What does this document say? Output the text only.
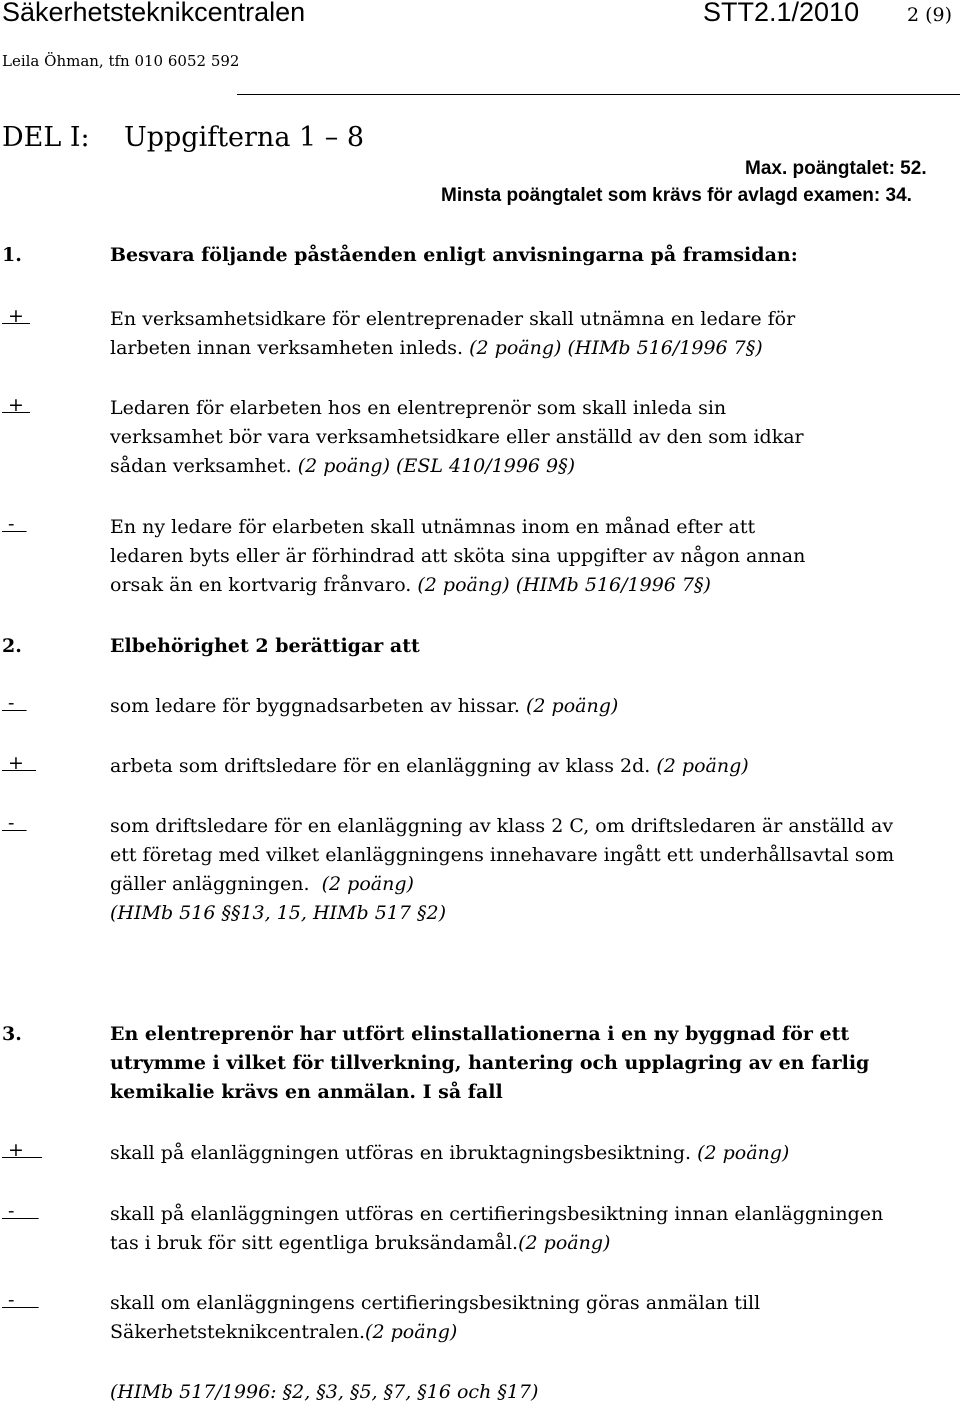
Säkerhetsteknikcentralen	STT2.1/2010	2 (9)
Leila Öhman, tfn 010 6052 592
DEL I:    Uppgifterna 1 – 8
Max. poängtalet: 52.
Minsta poängtalet som krävs för avlagd examen: 34.
1.	Besvara följande påståenden enligt anvisningarna på framsidan:
+	En verksamhetsidkare för elentreprenader skall utnämna en ledare för
larbeten innan verksamheten inleds. (2 poäng) (HIMb 516/1996 7§)
+	Ledaren för elarbeten hos en elentreprenör som skall inleda sin
verksamhet bör vara verksamhetsidkare eller anställd av den som idkar
sådan verksamhet. (2 poäng) (ESL 410/1996 9§)
-	En ny ledare för elarbeten skall utnämnas inom en månad efter att
ledaren byts eller är förhindrad att sköta sina uppgifter av någon annan
orsak än en kortvarig frånvaro. (2 poäng) (HIMb 516/1996 7§)
2.	Elbehörighet 2 berättigar att
-	som ledare för byggnadsarbeten av hissar. (2 poäng)
+	arbeta som driftsledare för en elanläggning av klass 2d. (2 poäng)
-	som driftsledare för en elanläggning av klass 2 C, om driftsledaren är anställd av
ett företag med vilket elanläggningens innehavare ingått ett underhållsavtal som
gäller anläggningen.  (2 poäng)
(HIMb 516 §§13, 15, HIMb 517 §2)
3.	En elentreprenör har utfört elinstallationerna i en ny byggnad för ett
utrymme i vilket för tillverkning, hantering och upplagring av en farlig
kemikalie krävs en anmälan. I så fall
+	skall på elanläggningen utföras en ibruktagningsbesiktning. (2 poäng)
-	skall på elanläggningen utföras en certifieringsbesiktning innan elanläggningen
tas i bruk för sitt egentliga bruksändamål.(2 poäng)
-	skall om elanläggningens certifieringsbesiktning göras anmälan till
Säkerhetsteknikcentralen.(2 poäng)
(HIMb 517/1996: §2, §3, §5, §7, §16 och §17)
